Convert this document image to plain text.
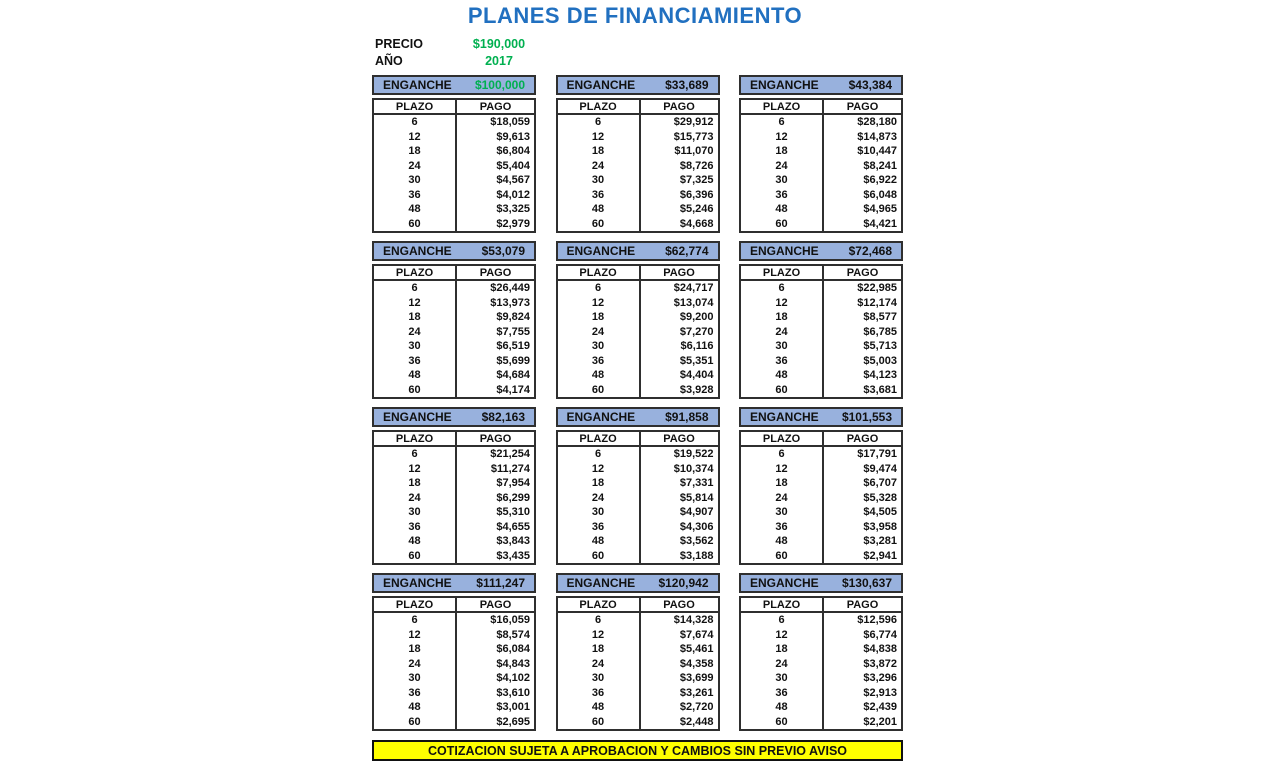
PLANES DE FINANCIAMIENTO
PRECIO	$190,000
AÑO	2017
ENGANCHE $100,000
PLAZO	PAGO
6	$18,059
12	$9,613
18	$6,804
24	$5,404
30	$4,567
36	$4,012
48	$3,325
60	$2,979
ENGANCHE $33,689
PLAZO	PAGO
6	$29,912
12	$15,773
18	$11,070
24	$8,726
30	$7,325
36	$6,396
48	$5,246
60	$4,668
ENGANCHE $43,384
PLAZO	PAGO
6	$28,180
12	$14,873
18	$10,447
24	$8,241
30	$6,922
36	$6,048
48	$4,965
60	$4,421
ENGANCHE $53,079
PLAZO	PAGO
6	$26,449
12	$13,973
18	$9,824
24	$7,755
30	$6,519
36	$5,699
48	$4,684
60	$4,174
ENGANCHE $62,774
PLAZO	PAGO
6	$24,717
12	$13,074
18	$9,200
24	$7,270
30	$6,116
36	$5,351
48	$4,404
60	$3,928
ENGANCHE $72,468
PLAZO	PAGO
6	$22,985
12	$12,174
18	$8,577
24	$6,785
30	$5,713
36	$5,003
48	$4,123
60	$3,681
ENGANCHE $82,163
PLAZO	PAGO
6	$21,254
12	$11,274
18	$7,954
24	$6,299
30	$5,310
36	$4,655
48	$3,843
60	$3,435
ENGANCHE $91,858
PLAZO	PAGO
6	$19,522
12	$10,374
18	$7,331
24	$5,814
30	$4,907
36	$4,306
48	$3,562
60	$3,188
ENGANCHE $101,553
PLAZO	PAGO
6	$17,791
12	$9,474
18	$6,707
24	$5,328
30	$4,505
36	$3,958
48	$3,281
60	$2,941
ENGANCHE $111,247
PLAZO	PAGO
6	$16,059
12	$8,574
18	$6,084
24	$4,843
30	$4,102
36	$3,610
48	$3,001
60	$2,695
ENGANCHE $120,942
PLAZO	PAGO
6	$14,328
12	$7,674
18	$5,461
24	$4,358
30	$3,699
36	$3,261
48	$2,720
60	$2,448
ENGANCHE $130,637
PLAZO	PAGO
6	$12,596
12	$6,774
18	$4,838
24	$3,872
30	$3,296
36	$2,913
48	$2,439
60	$2,201
COTIZACION SUJETA A APROBACION Y CAMBIOS SIN PREVIO AVISO
